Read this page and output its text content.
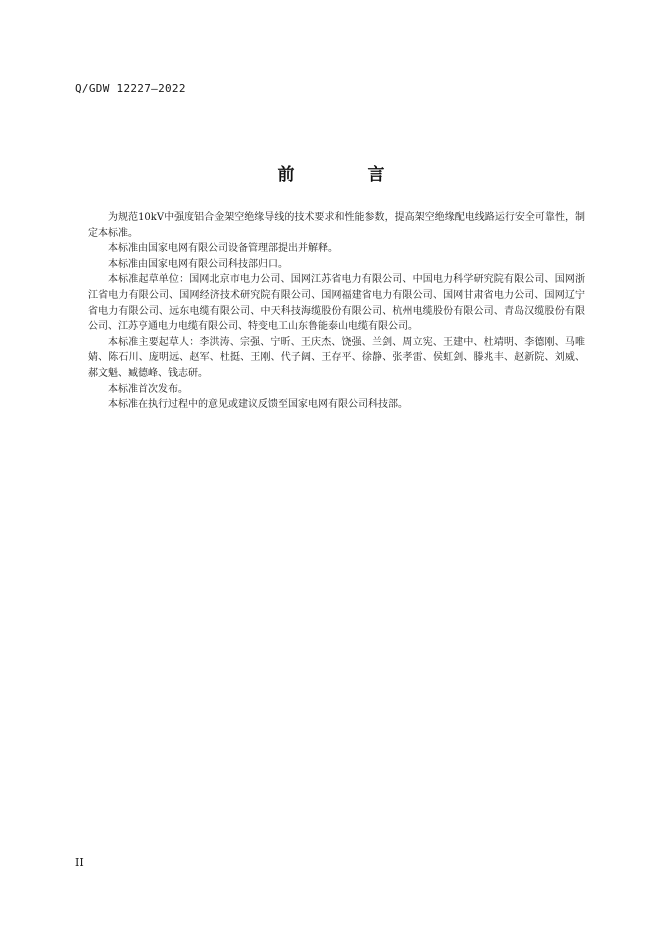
Q/GDW 12227—2022
前　言

为规范10kV中强度铝合金架空绝缘导线的技术要求和性能参数，提高架空绝缘配电线路运行安全可靠性，制定本标准。

本标准由国家电网有限公司设备管理部提出并解释。

本标准由国家电网有限公司科技部归口。

本标准起草单位：国网北京市电力公司、国网江苏省电力有限公司、中国电力科学研究院有限公司、国网浙江省电力有限公司、国网经济技术研究院有限公司、国网福建省电力有限公司、国网甘肃省电力公司、国网辽宁省电力有限公司、远东电缆有限公司、中天科技海缆股份有限公司、杭州电缆股份有限公司、青岛汉缆股份有限公司、江苏亨通电力电缆有限公司、特变电工山东鲁能泰山电缆有限公司。

本标准主要起草人：李洪涛、宗强、宁昕、王庆杰、饶强、兰剑、周立宪、王建中、杜靖明、李德刚、马唯婧、陈石川、庞明远、赵军、杜挺、王刚、代子阔、王存平、徐静、张孝雷、侯虹剑、滕兆丰、赵新院、刘威、郝文魁、臧德峰、钱志研。

本标准首次发布。

本标准在执行过程中的意见或建议反馈至国家电网有限公司科技部。

II
